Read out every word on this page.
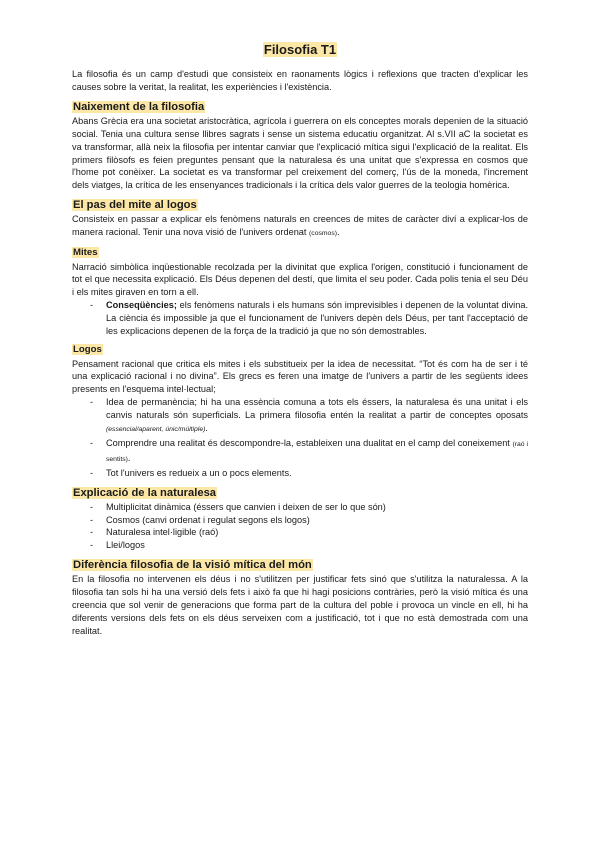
Filosofia T1

La filosofia és un camp d'estudi que consisteix en raonaments lògics i reflexions que tracten d'explicar les causes sobre la veritat, la realitat, les experiències i l'existència.

Naixement de la filosofia

Abans Grècia era una societat aristocràtica, agrícola i guerrera on els conceptes morals depenien de la situació social. Tenia una cultura sense llibres sagrats i sense un sistema educatiu organitzat. Al s.VII aC la societat es va transformar, allà neix la filosofia per intentar canviar que l'explicació mítica sigui l'explicació de la realitat. Els primers filòsofs es feien preguntes pensant que la naturalesa és una unitat que s'expressa en cosmos que l'home pot conèixer. La societat es va transformar pel creixement del comerç, l'ús de la moneda, l'increment dels viatges, la crítica de les ensenyances tradicionals i la crítica dels valor guerres de la teologia homèrica.

El pas del mite al logos

Consisteix en passar a explicar els fenòmens naturals en creences de mites de caràcter diví a explicar-los de manera racional. Tenir una nova visió de l'univers ordenat (cosmos).

Mites

Narració simbòlica inqüestionable recolzada per la divinitat que explica l'origen, constitució i funcionament de tot el que necessita explicació. Els Déus depenen del destí, que limita el seu poder. Cada polis tenia el seu Déu i els mites giraven en torn a ell.

- Conseqüències; els fenòmens naturals i els humans són imprevisibles i depenen de la voluntat divina. La ciència és impossible ja que el funcionament de l'univers depèn dels Déus, per tant l'acceptació de les explicacions depenen de la força de la tradició ja que no són demostrables.
Logos

Pensament racional que critica els mites i els substitueix per la idea de necessitat. “Tot és com ha de ser i té una explicació racional i no divina”. Els grecs es feren una imatge de l'univers a partir de les següents idees presents en l'esquema intel·lectual;

- Idea de permanència; hi ha una essència comuna a tots els éssers, la naturalesa és una unitat i els canvis naturals són superficials. La primera filosofia entén la realitat a partir de conceptes oposats (essencial/aparent, únic/múltiple).
- Comprendre una realitat és descompondre-la, estableixen una dualitat en el camp del coneixement (raó i sentits).
- Tot l'univers es redueix a un o pocs elements.
Explicació de la naturalesa
- Multiplicitat dinàmica (éssers que canvien i deixen de ser lo que són)
- Cosmos (canvi ordenat i regulat segons els logos)
- Naturalesa intel·ligible (raó)
- Llei/logos
Diferència filosofia de la visió mítica del món

En la filosofia no intervenen els déus i no s'utilitzen per justificar fets sinó que s'utilitza la naturalessa. A la filosofia tan sols hi ha una versió dels fets i això fa que hi hagi posicions contràries, però la visió mítica és una creencia que sol venir de generacions que forma part de la cultura del poble i provoca un vincle en ell, hi ha diferents versions dels fets on els déus serveixen com a justificació, tot i que no està demostrada com una realitat.
